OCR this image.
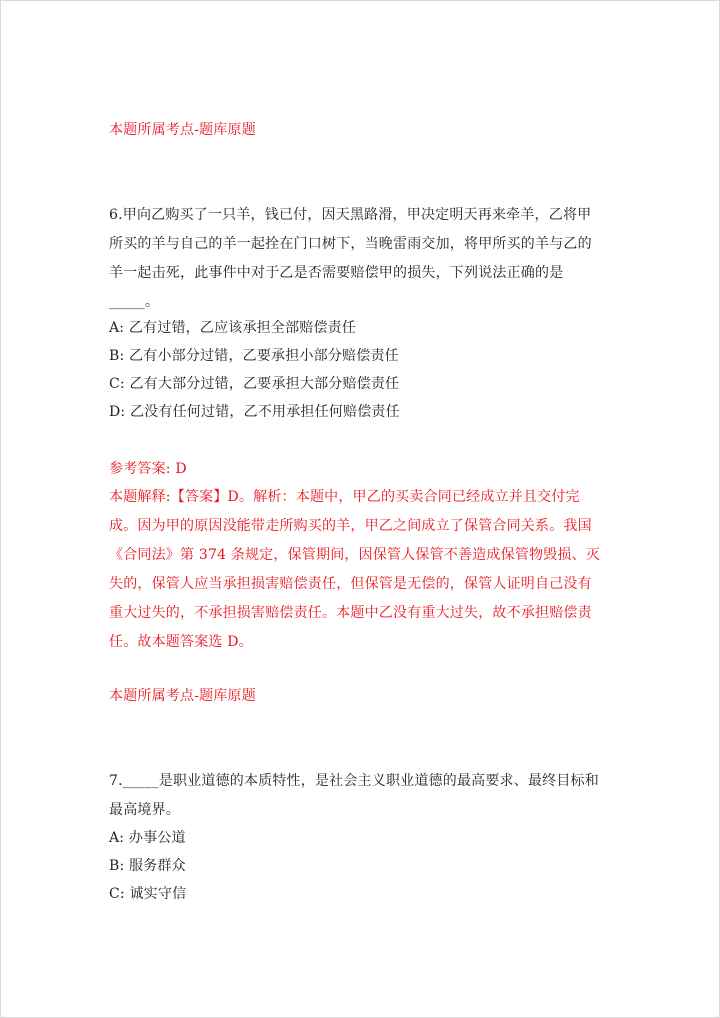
本题所属考点-题库原题
6.甲向乙购买了一只羊，钱已付，因天黑路滑，甲决定明天再来牵羊，乙将甲
所买的羊与自己的羊一起拴在门口树下，当晚雷雨交加，将甲所买的羊与乙的
羊一起击死，此事件中对于乙是否需要赔偿甲的损失，下列说法正确的是
_____。
A: 乙有过错，乙应该承担全部赔偿责任
B: 乙有小部分过错，乙要承担小部分赔偿责任
C: 乙有大部分过错，乙要承担大部分赔偿责任
D: 乙没有任何过错，乙不用承担任何赔偿责任
参考答案: D
本题解释:【答案】D。解析：本题中，甲乙的买卖合同已经成立并且交付完
成。因为甲的原因没能带走所购买的羊，甲乙之间成立了保管合同关系。我国
《合同法》第 374 条规定，保管期间，因保管人保管不善造成保管物毁损、灭
失的，保管人应当承担损害赔偿责任，但保管是无偿的，保管人证明自己没有
重大过失的，不承担损害赔偿责任。本题中乙没有重大过失，故不承担赔偿责
任。故本题答案选 D。
本题所属考点-题库原题
7._____是职业道德的本质特性，是社会主义职业道德的最高要求、最终目标和
最高境界。
A: 办事公道
B: 服务群众
C: 诚实守信
